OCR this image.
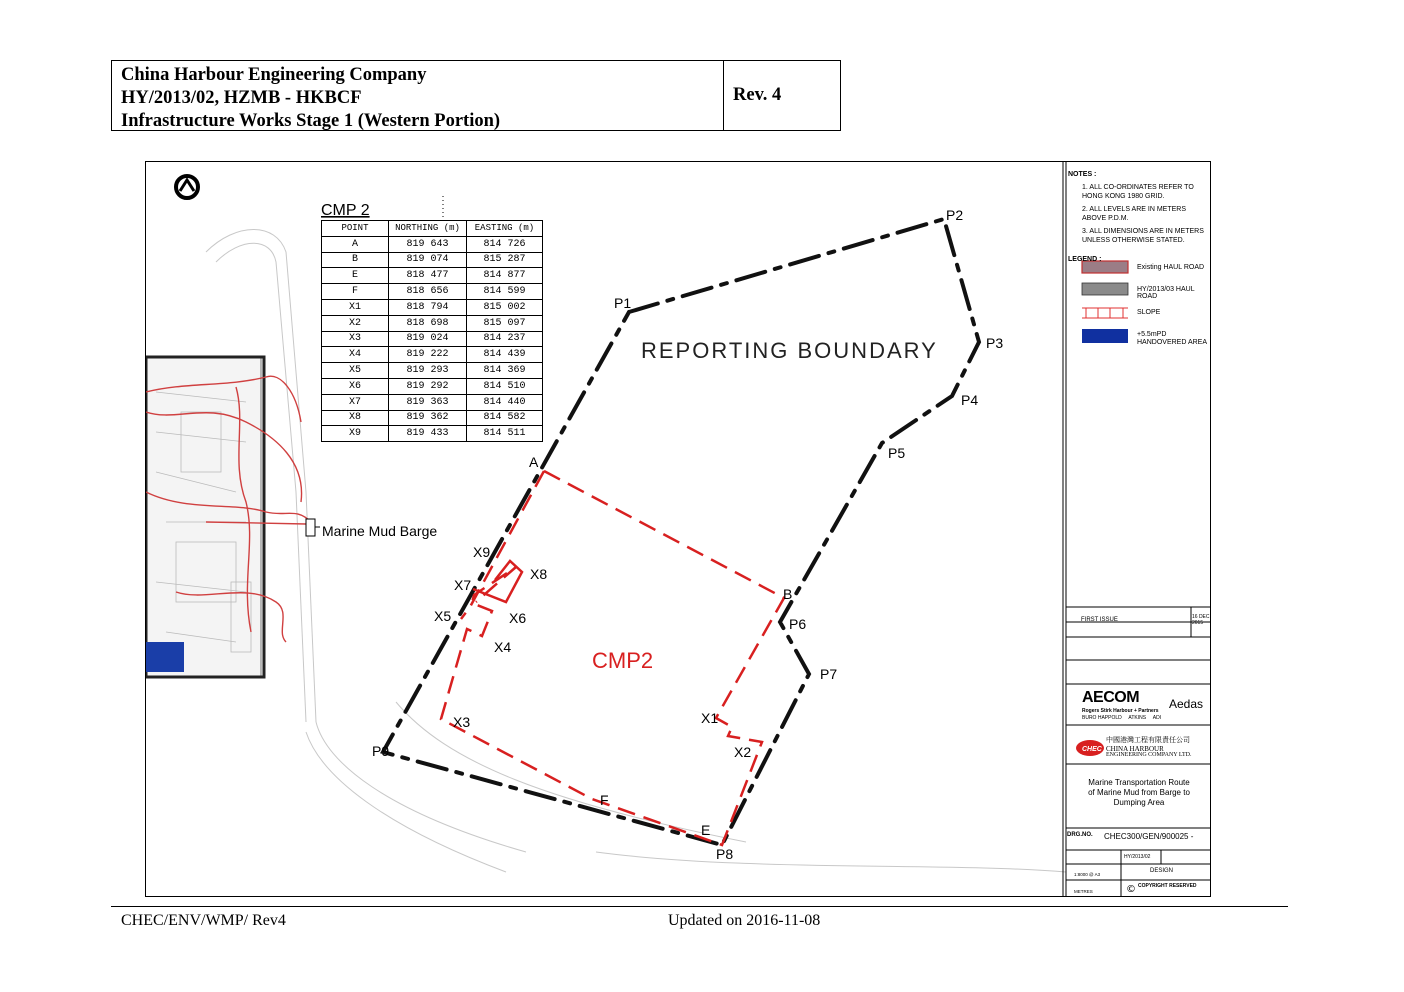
China Harbour Engineering Company
HY/2013/02, HZMB - HKBCF
Infrastructure Works Stage 1 (Western Portion)
Rev. 4
P1
P2
P3
P4
P5
P6
P7
P8
P9
A
B
E
F
X1
X2
X3
X4
X5	X6
X7
X8
X9
REPORTING BOUNDARY
CMP2
Marine Mud Barge
CMP 2
CHEC
©
POINT	NORTHING (m)	EASTING (m)
A	819 643	814 726
B	819 074	815 287
E	818 477	814 877
F	818 656	814 599
X1	818 794	815 002
X2	818 698	815 097
X3	819 024	814 237
X4	819 222	814 439
X5	819 293	814 369
X6	819 292	814 510
X7	819 363	814 440
X8	819 362	814 582
X9	819 433	814 511
NOTES :
1. ALL CO-ORDINATES REFER TO HONG KONG 1980 GRID.
2. ALL LEVELS ARE IN METERS ABOVE P.D.M.
3. ALL DIMENSIONS ARE IN METERS UNLESS OTHERWISE STATED.
LEGEND :
Existing HAUL ROAD
HY/2013/03 HAUL ROAD
SLOPE
+5.5mPD HANDOVERED AREA
FIRST ISSUE	16 DEC 2015
AECOM Aedas
Rogers Stirk Harbour + Partners
BURO HAPPOLD     ATKINS     ADI
中國港灣工程有限責任公司
CHINA HARBOUR
ENGINEERING COMPANY LTD.
Marine Transportation Route of Marine Mud from Barge to Dumping Area
DRG.NO. CHEC300/GEN/900025 -
HY/2013/02
DESIGN
1:8000 @ A3
METRES
COPYRIGHT RESERVED
CHEC/ENV/WMP/ Rev4	Updated on 2016-11-08
